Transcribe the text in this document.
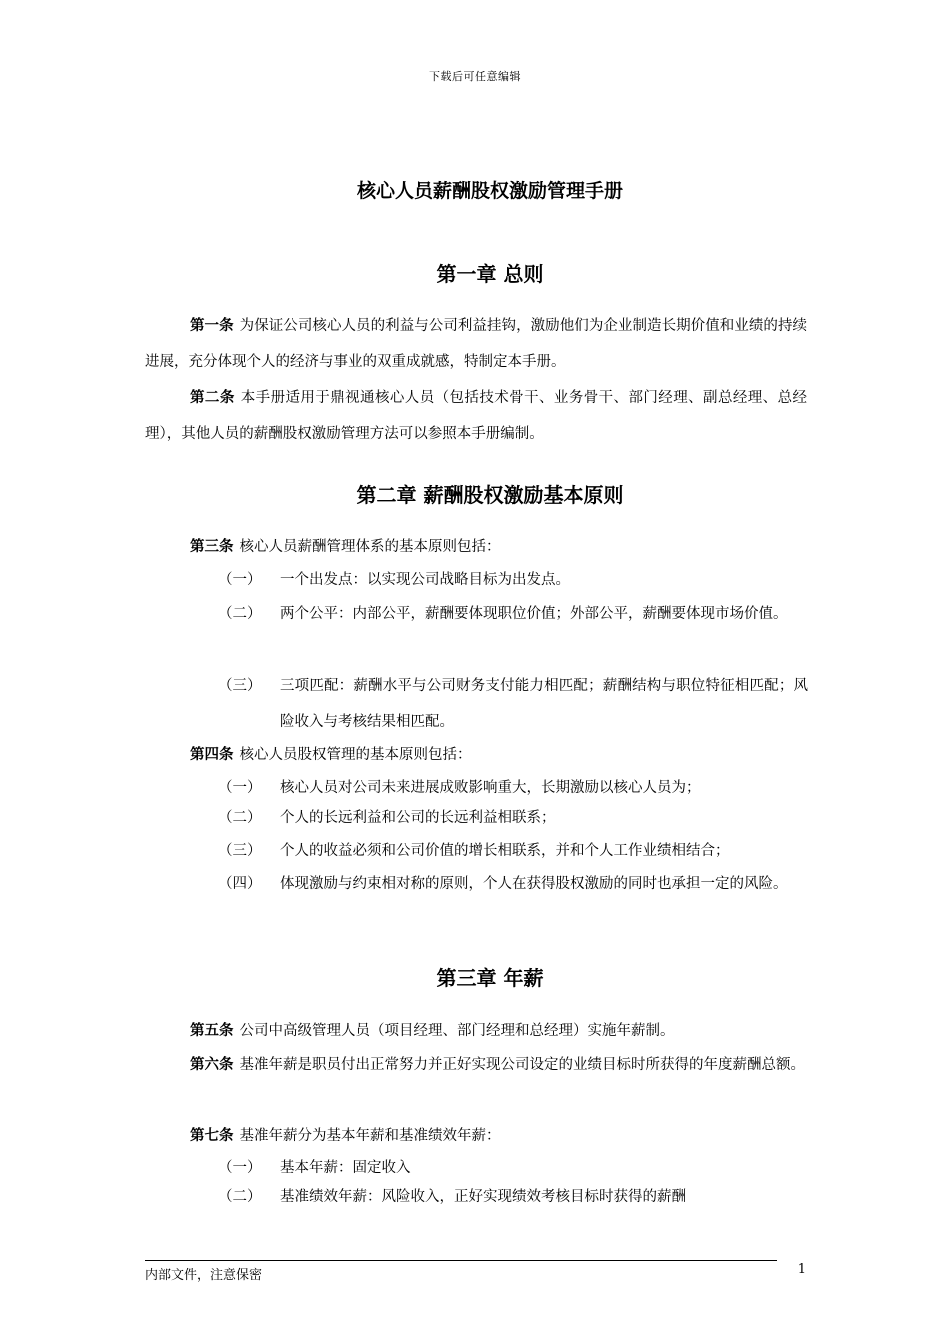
下载后可任意编辑
核心人员薪酬股权激励管理手册
第一章 总则
第一条 为保证公司核心人员的利益与公司利益挂钩，激励他们为企业制造长期价值和业绩的持续进展，充分体现个人的经济与事业的双重成就感，特制定本手册。
第二条 本手册适用于鼎视通核心人员（包括技术骨干、业务骨干、部门经理、副总经理、总经理），其他人员的薪酬股权激励管理方法可以参照本手册编制。
第二章 薪酬股权激励基本原则
第三条 核心人员薪酬管理体系的基本原则包括：
（一） 一个出发点：以实现公司战略目标为出发点。
（二） 两个公平：内部公平，薪酬要体现职位价值；外部公平，薪酬要体现市场价值。
（三） 三项匹配：薪酬水平与公司财务支付能力相匹配；薪酬结构与职位特征相匹配；风险收入与考核结果相匹配。
第四条 核心人员股权管理的基本原则包括：
（一） 核心人员对公司未来进展成败影响重大，长期激励以核心人员为；
（二） 个人的长远利益和公司的长远利益相联系；
（三） 个人的收益必须和公司价值的增长相联系，并和个人工作业绩相结合；
（四） 体现激励与约束相对称的原则，个人在获得股权激励的同时也承担一定的风险。
第三章 年薪
第五条 公司中高级管理人员（项目经理、部门经理和总经理）实施年薪制。
第六条 基准年薪是职员付出正常努力并正好实现公司设定的业绩目标时所获得的年度薪酬总额。
第七条 基准年薪分为基本年薪和基准绩效年薪：
（一） 基本年薪：固定收入
（二） 基准绩效年薪：风险收入，正好实现绩效考核目标时获得的薪酬
内部文件，注意保密	1
